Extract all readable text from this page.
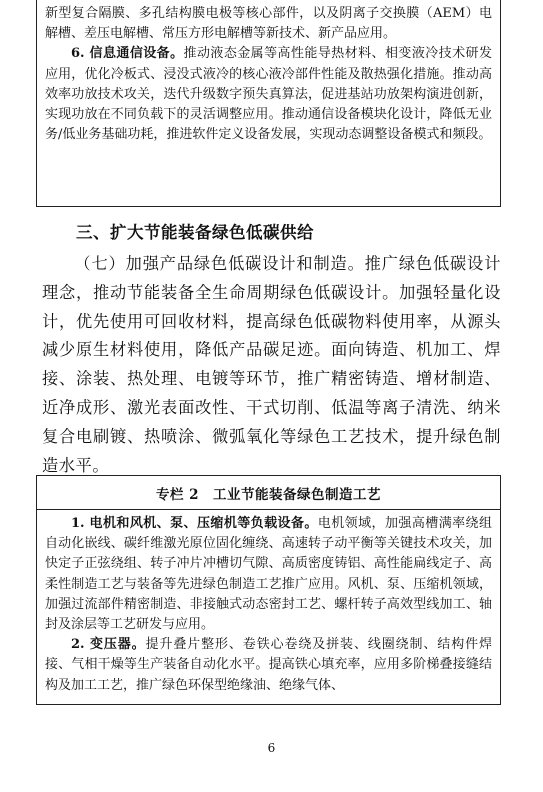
新型复合隔膜、多孔结构膜电极等核心部件，以及阴离子交换膜（AEM）电解槽、差压电解槽、常压方形电解槽等新技术、新产品应用。

6. 信息通信设备。推动液态金属等高性能导热材料、相变液冷技术研发应用，优化冷板式、浸没式液冷的核心液冷部件性能及散热强化措施。推动高效率功放技术攻关，迭代升级数字预失真算法，促进基站功放架构演进创新，实现功放在不同负载下的灵活调整应用。推动通信设备模块化设计，降低无业务/低业务基础功耗，推进软件定义设备发展，实现动态调整设备模式和频段。

三、扩大节能装备绿色低碳供给

（七）加强产品绿色低碳设计和制造。推广绿色低碳设计理念，推动节能装备全生命周期绿色低碳设计。加强轻量化设计，优先使用可回收材料，提高绿色低碳物料使用率，从源头减少原生材料使用，降低产品碳足迹。面向铸造、机加工、焊接、涂装、热处理、电镀等环节，推广精密铸造、增材制造、近净成形、激光表面改性、干式切削、低温等离子清洗、纳米复合电刷镀、热喷涂、微弧氧化等绿色工艺技术，提升绿色制造水平。

专栏 2 工业节能装备绿色制造工艺

1. 电机和风机、泵、压缩机等负载设备。电机领域，加强高槽满率绕组自动化嵌线、碳纤维激光原位固化缠绕、高速转子动平衡等关键技术攻关，加快定子正弦绕组、转子冲片冲槽切气隙、高质密度铸铝、高性能扁线定子、高柔性制造工艺与装备等先进绿色制造工艺推广应用。风机、泵、压缩机领域，加强过流部件精密制造、非接触式动态密封工艺、螺杆转子高效型线加工、轴封及涂层等工艺研发与应用。

2. 变压器。提升叠片整形、卷铁心卷绕及拼装、线圈绕制、结构件焊接、气相干燥等生产装备自动化水平。提高铁心填充率，应用多阶梯叠接缝结构及加工工艺，推广绿色环保型绝缘油、绝缘气体、

6
